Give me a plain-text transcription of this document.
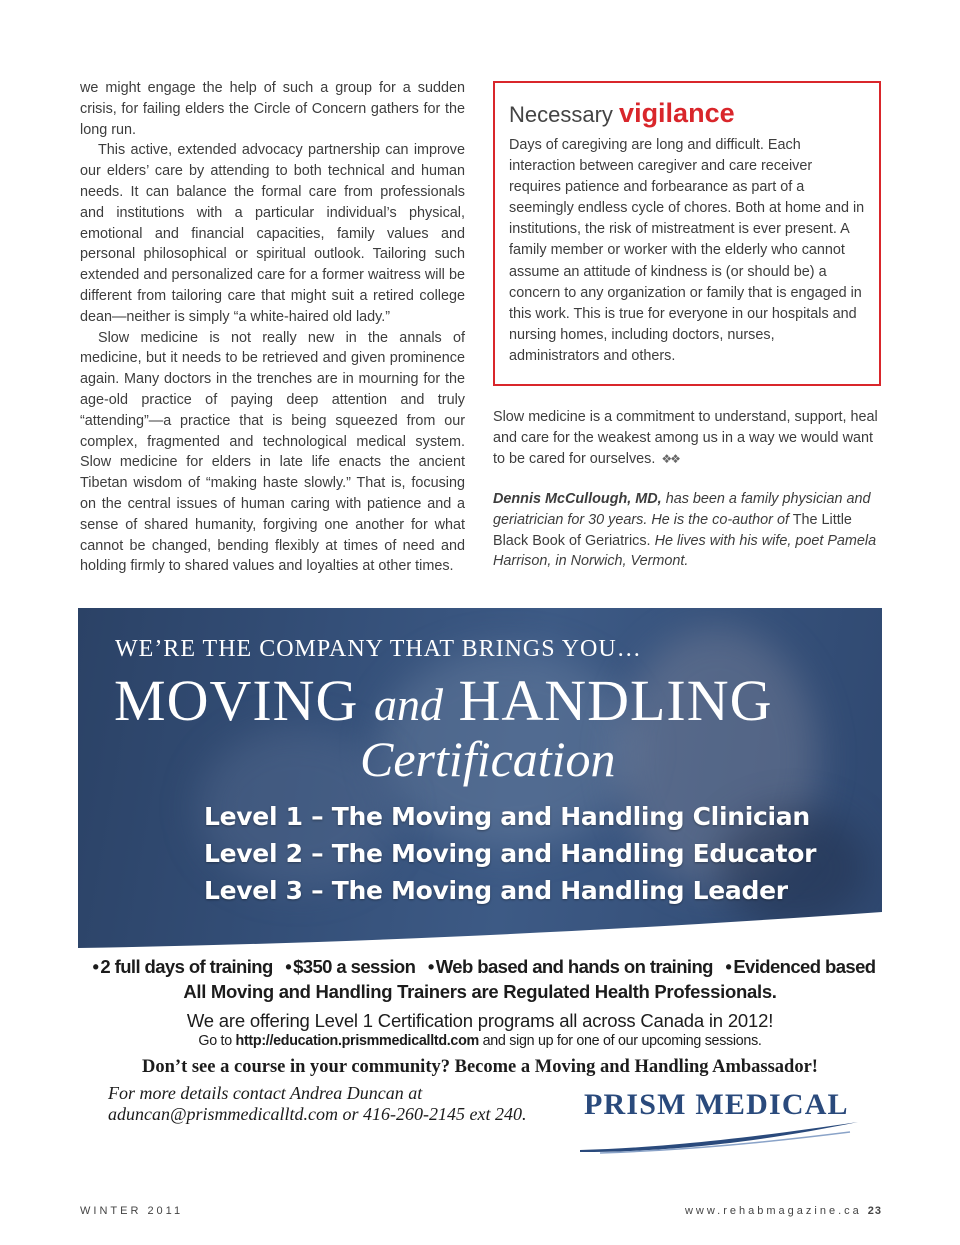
we might engage the help of such a group for a sudden crisis, for failing elders the Circle of Concern gathers for the long run.

This active, extended advocacy partnership can improve our elders’ care by attending to both technical and human needs. It can balance the formal care from professionals and institutions with a particular individual’s physical, emotional and financial capacities, family values and personal philosophical or spiritual outlook. Tailoring such extended and personalized care for a former waitress will be different from tailoring care that might suit a retired college dean—neither is simply “a white-haired old lady.”

Slow medicine is not really new in the annals of medicine, but it needs to be retrieved and given prominence again. Many doctors in the trenches are in mourning for the age-old practice of paying deep attention and truly “attending”—a practice that is being squeezed from our complex, fragmented and technological medical system. Slow medicine for elders in late life enacts the ancient Tibetan wisdom of “making haste slowly.” That is, focusing on the central issues of human caring with patience and a sense of shared humanity, forgiving one another for what cannot be changed, bending flexibly at times of need and holding firmly to shared values and loyalties at other times.

Necessary vigilance

Days of caregiving are long and difficult. Each interaction between caregiver and care receiver requires patience and forbearance as part of a seemingly endless cycle of chores. Both at home and in institutions, the risk of mistreatment is ever present. A family member or worker with the elderly who cannot assume an attitude of kindness is (or should be) a concern to any organization or family that is engaged in this work. This is true for everyone in our hospitals and nursing homes, including doctors, nurses, administrators and others.

Slow medicine is a commitment to understand, support, heal and care for the weakest among us in a way we would want to be cared for ourselves. ❖❖
Dennis McCullough, MD, has been a family physician and geriatrician for 30 years. He is the co-author of The Little Black Book of Geriatrics. He lives with his wife, poet Pamela Harrison, in Norwich, Vermont.
WE’RE THE COMPANY THAT BRINGS YOU…
MOVING and HANDLING
Certification
Level 1 – The Moving and Handling Clinician
Level 2 – The Moving and Handling Educator
Level 3 – The Moving and Handling Leader
• 2 full days of training • $350 a session • Web based and hands on training • Evidenced based
All Moving and Handling Trainers are Regulated Health Professionals.
We are offering Level 1 Certification programs all across Canada in 2012!
Go to http://education.prismmedicalltd.com and sign up for one of our upcoming sessions.
Don’t see a course in your community? Become a Moving and Handling Ambassador!
For more details contact Andrea Duncan at
aduncan@prismmedicalltd.com or 416-260-2145 ext 240. PRISM MEDICAL
WINTER 2011	www.rehabmagazine.ca 23
